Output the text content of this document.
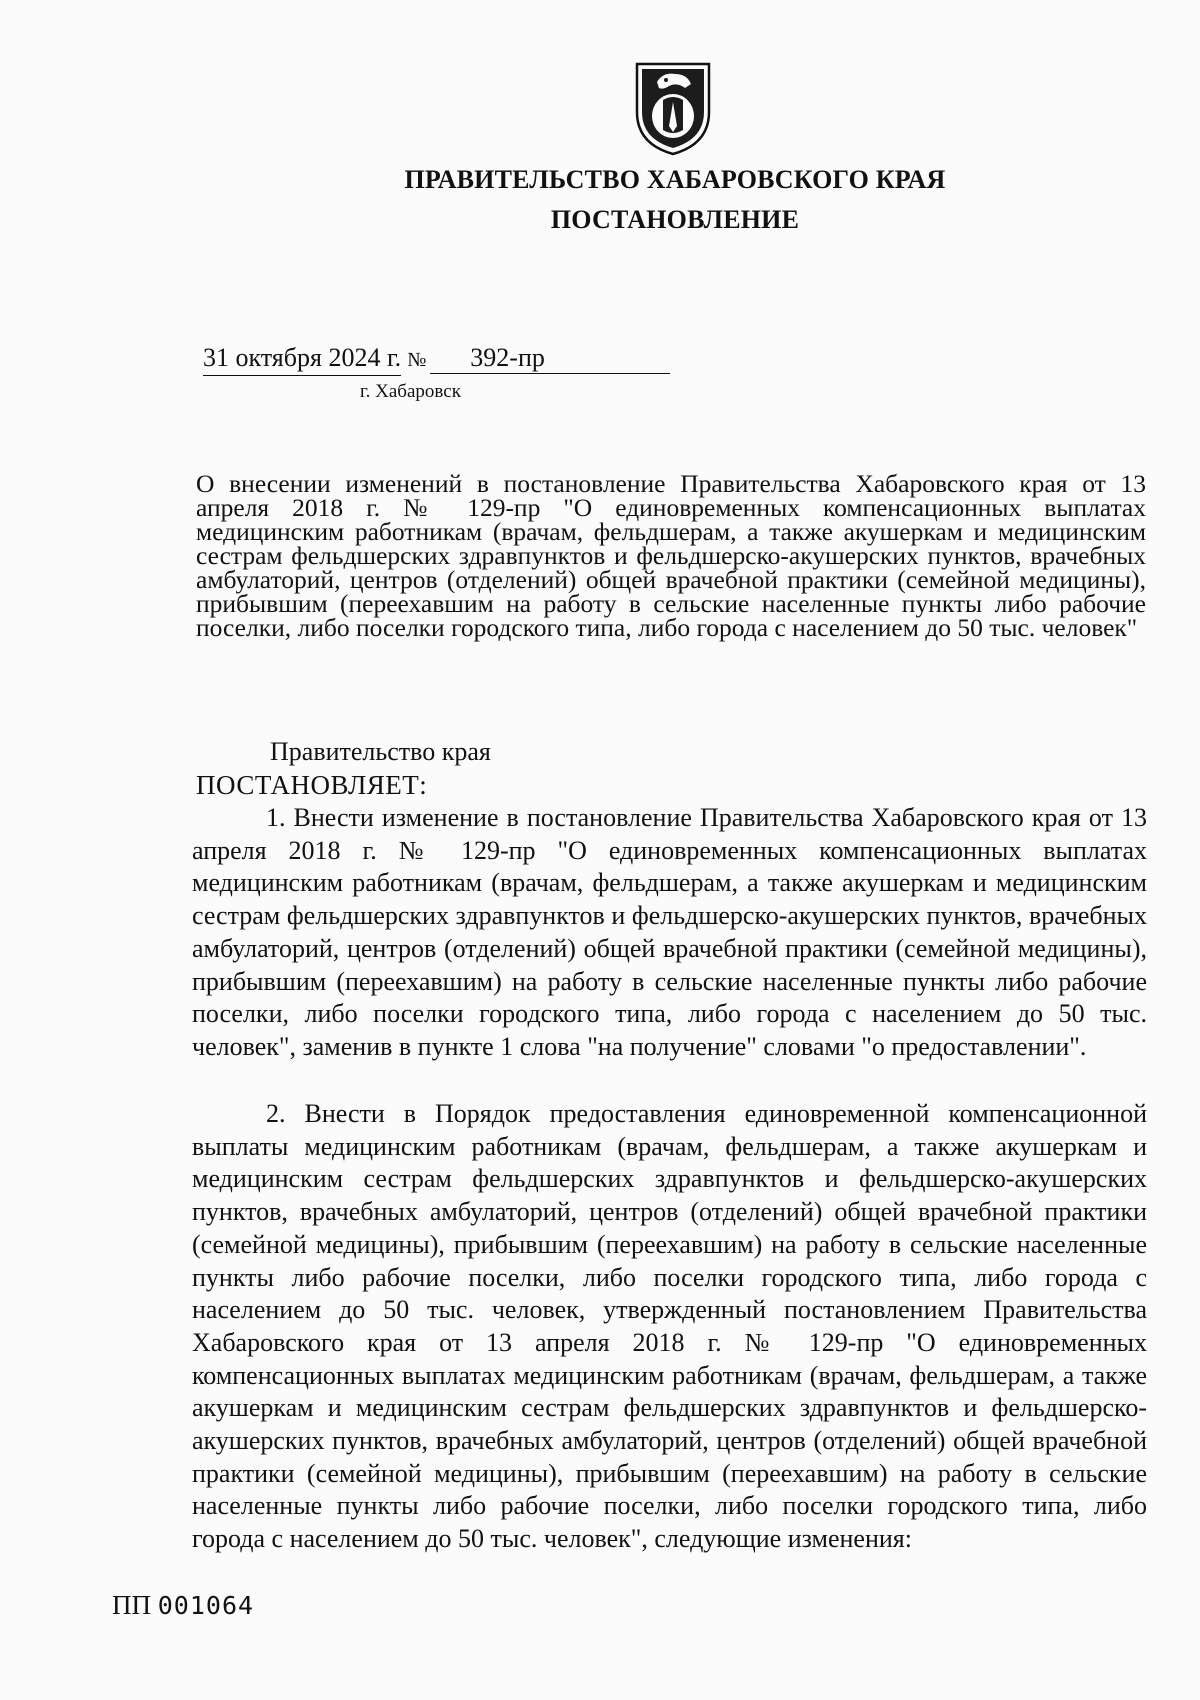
ПРАВИТЕЛЬСТВО ХАБАРОВСКОГО КРАЯ
ПОСТАНОВЛЕНИЕ
31 октября 2024 г. № 392-пр
г. Хабаровск
О внесении изменений в постановление Правительства Хабаровского края от 13 апреля 2018 г. № 129-пр "О единовременных компенсационных выплатах медицинским работникам (врачам, фельдшерам, а также акушеркам и медицинским сестрам фельдшерских здравпунктов и фельдшерско-акушерских пунктов, врачебных амбулаторий, центров (отделений) общей врачебной практики (семейной медицины), прибывшим (переехавшим на работу в сельские населенные пункты либо рабочие поселки, либо поселки городского типа, либо города с населением до 50 тыс. человек"
Правительство края
ПОСТАНОВЛЯЕТ:

1. Внести изменение в постановление Правительства Хабаровского края от 13 апреля 2018 г. № 129-пр "О единовременных компенсационных выплатах медицинским работникам (врачам, фельдшерам, а также акушеркам и медицинским сестрам фельдшерских здравпунктов и фельдшерско-акушерских пунктов, врачебных амбулаторий, центров (отделений) общей врачебной практики (семейной медицины), прибывшим (переехавшим) на работу в сельские населенные пункты либо рабочие поселки, либо поселки городского типа, либо города с населением до 50 тыс. человек", заменив в пункте 1 слова "на получение" словами "о предоставлении".

2. Внести в Порядок предоставления единовременной компенсационной выплаты медицинским работникам (врачам, фельдшерам, а также акушеркам и медицинским сестрам фельдшерских здравпунктов и фельдшерско-акушерских пунктов, врачебных амбулаторий, центров (отделений) общей врачебной практики (семейной медицины), прибывшим (переехавшим) на работу в сельские населенные пункты либо рабочие поселки, либо поселки городского типа, либо города с населением до 50 тыс. человек, утвержденный постановлением Правительства Хабаровского края от 13 апреля 2018 г. № 129-пр "О единовременных компенсационных выплатах медицинским работникам (врачам, фельдшерам, а также акушеркам и медицинским сестрам фельдшерских здравпунктов и фельдшерско-акушерских пунктов, врачебных амбулаторий, центров (отделений) общей врачебной практики (семейной медицины), прибывшим (переехавшим) на работу в сельские населенные пункты либо рабочие поселки, либо поселки городского типа, либо города с населением до 50 тыс. человек", следующие изменения:

ПП 001064
